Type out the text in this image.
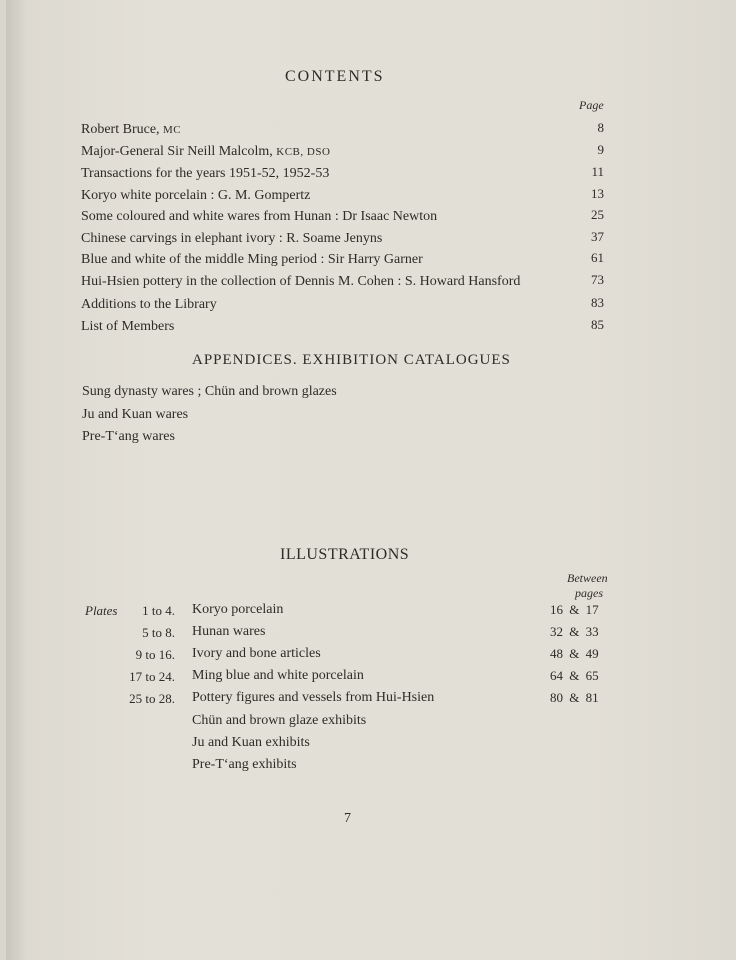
CONTENTS
Page
Robert Bruce, MC	8
Major-General Sir Neill Malcolm, KCB, DSO	9
Transactions for the years 1951-52, 1952-53	11
Koryo white porcelain : G. M. Gompertz	13
Some coloured and white wares from Hunan : Dr Isaac Newton	25
Chinese carvings in elephant ivory : R. Soame Jenyns	37
Blue and white of the middle Ming period : Sir Harry Garner	61
Hui-Hsien pottery in the collection of Dennis M. Cohen : S. Howard Hansford	73
Additions to the Library	83
List of Members	85
APPENDICES. EXHIBITION CATALOGUES
Sung dynasty wares ; Chün and brown glazes
Ju and Kuan wares
Pre-T‘ang wares
ILLUSTRATIONS
Between
pages
Plates	1 to 4. Koryo porcelain	16 & 17
5 to 8. Hunan wares	32 & 33
9 to 16. Ivory and bone articles	48 & 49
17 to 24. Ming blue and white porcelain	64 & 65
25 to 28. Pottery figures and vessels from Hui-Hsien	80 & 81
Chün and brown glaze exhibits
Ju and Kuan exhibits
Pre-T‘ang exhibits
7
